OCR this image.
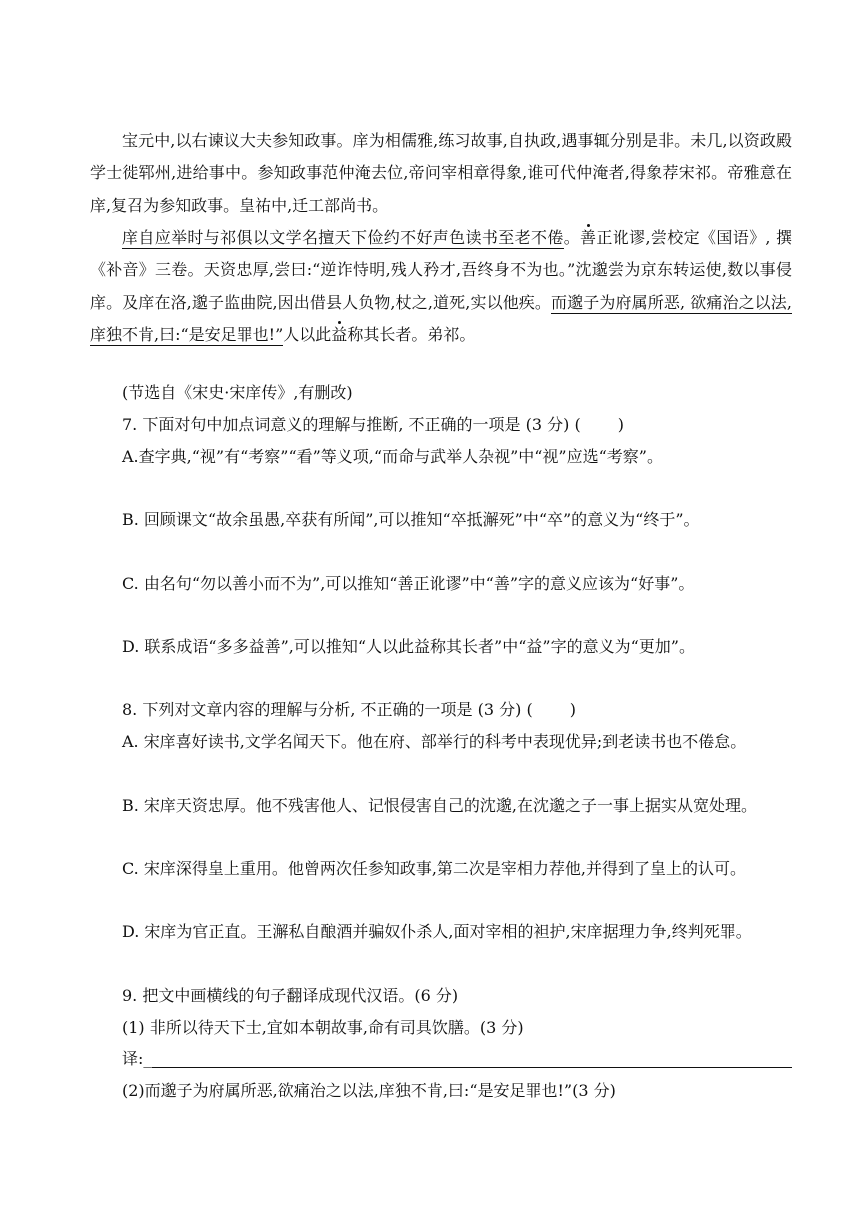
宝元中,以右谏议大夫参知政事。庠为相儒雅,练习故事,自执政,遇事辄分别是非。未几,以资政殿学士徙郓州,进给事中。参知政事范仲淹去位,帝问宰相章得象,谁可代仲淹者,得象荐宋祁。帝雅意在庠,复召为参知政事。皇祐中,迁工部尚书。

庠自应举时与祁俱以文学名擅天下俭约不好声色读书至老不倦。善正讹谬,尝校定《国语》, 撰《补音》三卷。天资忠厚,尝曰:“逆诈恃明,残人矜才,吾终身不为也。”沈邈尝为京东转运使,数以事侵庠。及庠在洛,邈子监曲院,因出借县人负物,杖之,道死,实以他疾。而邈子为府属所恶, 欲痛治之以法,庠独不肯,曰:“是安足罪也!”人以此益称其长者。弟祁。

(节选自《宋史·宋庠传》,有删改)

7. 下面对句中加点词意义的理解与推断, 不正确的一项是 (3 分) (　　 )

A.查字典,“视”有“考察”“看”等义项,“而命与武举人杂视”中“视”应选“考察”。

B. 回顾课文“故余虽愚,卒获有所闻”,可以推知“卒抵澥死”中“卒”的意义为“终于”。

C. 由名句“勿以善小而不为”,可以推知“善正讹谬”中“善”字的意义应该为“好事”。

D. 联系成语“多多益善”,可以推知“人以此益称其长者”中“益”字的意义为“更加”。

8. 下列对文章内容的理解与分析, 不正确的一项是 (3 分) (　　 )

A. 宋庠喜好读书,文学名闻天下。他在府、部举行的科考中表现优异;到老读书也不倦怠。

B. 宋庠天资忠厚。他不残害他人、记恨侵害自己的沈邈,在沈邈之子一事上据实从宽处理。

C. 宋庠深得皇上重用。他曾两次任参知政事,第二次是宰相力荐他,并得到了皇上的认可。

D. 宋庠为官正直。王澥私自酿酒并骗奴仆杀人,面对宰相的袒护,宋庠据理力争,终判死罪。

9. 把文中画横线的句子翻译成现代汉语。(6 分)

(1) 非所以待天下士,宜如本朝故事,命有司具饮膳。(3 分)

译:___

(2)而邈子为府属所恶,欲痛治之以法,庠独不肯,曰:“是安足罪也!”(3 分)
